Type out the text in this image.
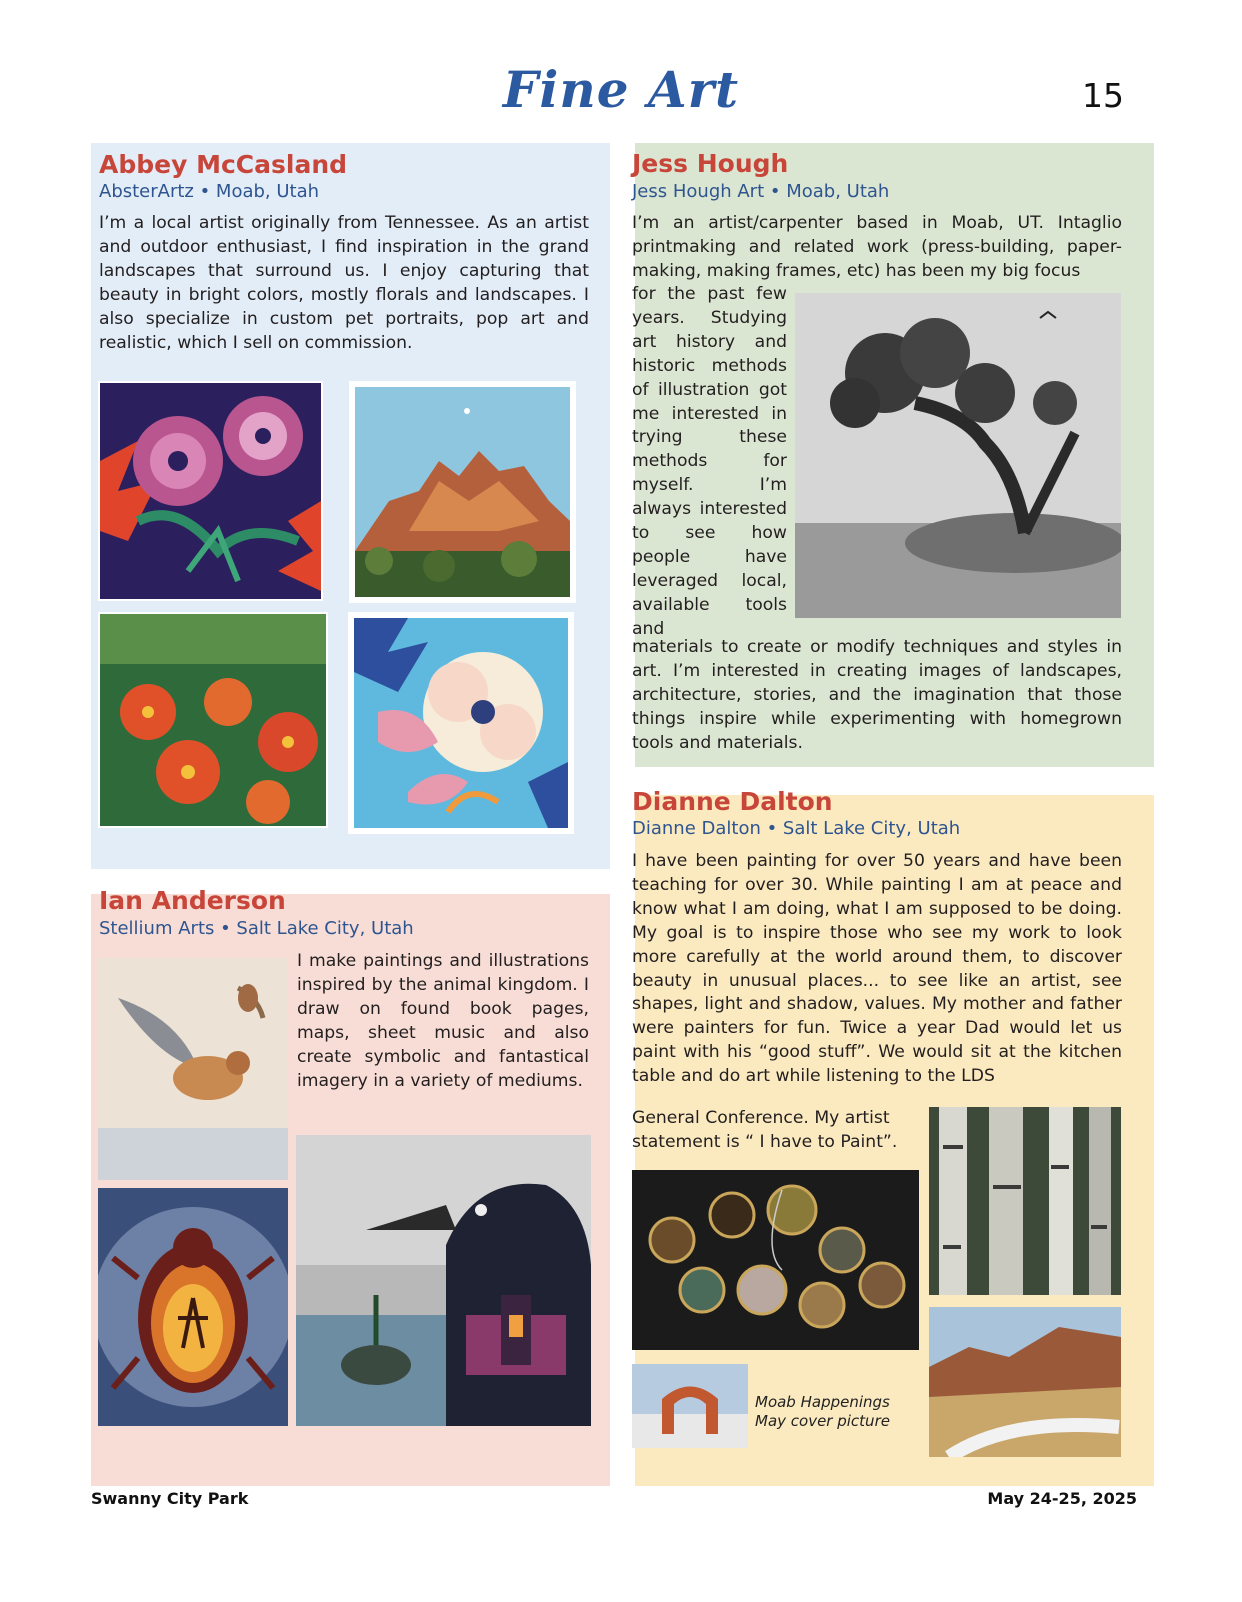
Fine Art	15
Abbey McCasland
AbsterArtz • Moab, Utah

I’m a local artist originally from Tennessee. As an artist and outdoor enthusiast, I find inspiration in the grand landscapes that surround us. I enjoy capturing that beauty in bright colors, mostly florals and landscapes. I also specialize in custom pet portraits, pop art and realistic, which I sell on commission.

Jess Hough
Jess Hough Art • Moab, Utah

I’m an artist/carpenter based in Moab, UT. Intaglio printmaking and related work (press-building, paper-making, making frames, etc) has been my big focus

for the past few years. Studying art history and historic methods of illustration got me interested in trying these methods for myself. I’m always interested to see how people have leveraged local, available tools and

materials to create or modify techniques and styles in art. I’m interested in creating images of landscapes, architecture, stories, and the imagination that those things inspire while experimenting with homegrown tools and materials.

Ian Anderson
Stellium Arts • Salt Lake City, Utah

I make paintings and illustrations inspired by the animal kingdom. I draw on found book pages, maps, sheet music and also create symbolic and fantastical imagery in a variety of mediums.

Dianne Dalton
Dianne Dalton • Salt Lake City, Utah

I have been painting for over 50 years and have been teaching for over 30. While painting I am at peace and know what I am doing, what I am supposed to be doing. My goal is to inspire those who see my work to look more carefully at the world around them, to discover beauty in unusual places... to see like an artist, see shapes, light and shadow, values. My mother and father were painters for fun. Twice a year Dad would let us paint with his “good stuff”. We would sit at the kitchen table and do art while listening to the LDS

General Conference. My artist statement is “ I have to Paint”.

Moab Happenings
May cover picture
Swanny City Park	May 24-25, 2025
